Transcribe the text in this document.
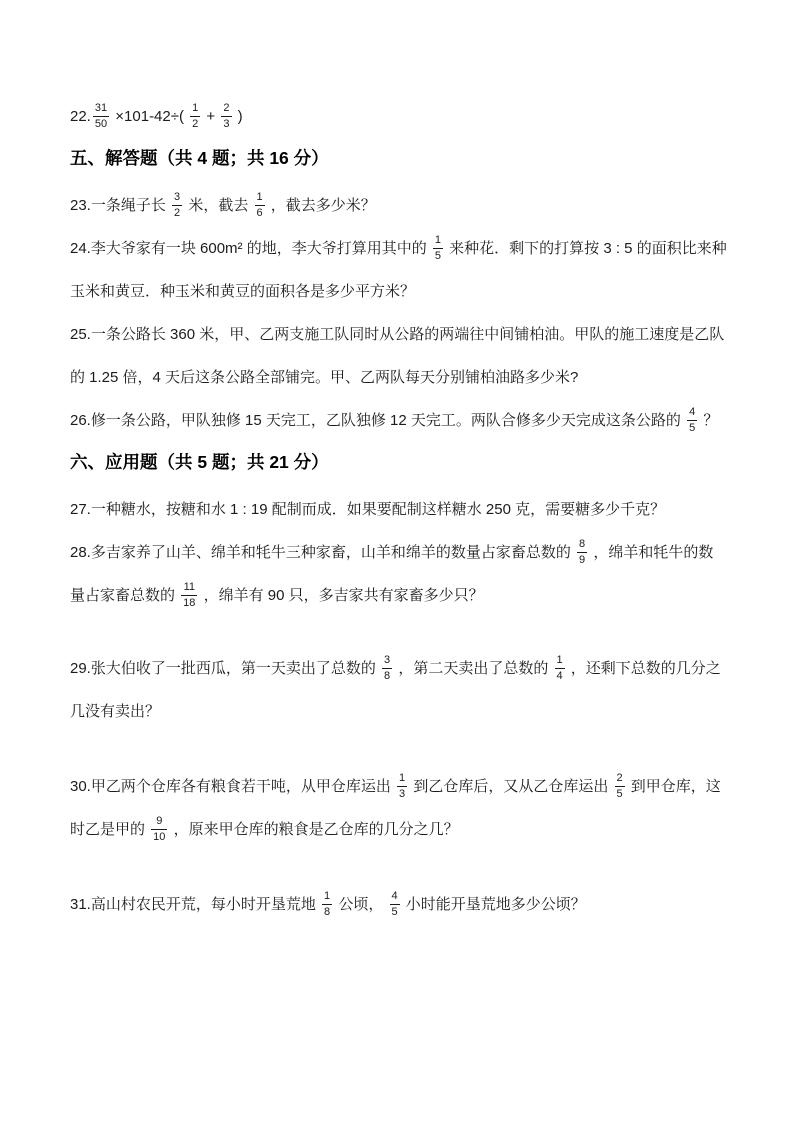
22. $\frac{31}{50} \times 101-42\div( \frac{1}{2} + \frac{2}{3}$ )

五、解答题（共 4 题；共 16 分）

23.一条绳子长 $\frac{3}{2}$ 米，截去 $\frac{1}{6}$ ，截去多少米？

24.李大爷家有一块 600m² 的地，李大爷打算用其中的 $\frac{1}{5}$ 来种花．剩下的打算按 3 : 5 的面积比来种玉米和黄豆．种玉米和黄豆的面积各是多少平方米？

25.一条公路长 360 米，甲、乙两支施工队同时从公路的两端往中间铺柏油。甲队的施工速度是乙队的 1.25 倍，4 天后这条公路全部铺完。甲、乙两队每天分别铺柏油路多少米?

26.修一条公路，甲队独修 15 天完工，乙队独修 12 天完工。两队合修多少天完成这条公路的 $\frac{4}{5}$ ？

六、应用题（共 5 题；共 21 分）

27.一种糖水，按糖和水 1 : 19 配制而成．如果要配制这样糖水 250 克，需要糖多少千克？

28.多吉家养了山羊、绵羊和牦牛三种家畜，山羊和绵羊的数量占家畜总数的 $\frac{8}{9}$ ，绵羊和牦牛的数量占家畜总数的 $\frac{11}{18}$ ，绵羊有 90 只，多吉家共有家畜多少只？

29.张大伯收了一批西瓜，第一天卖出了总数的 $\frac{3}{8}$ ，第二天卖出了总数的 $\frac{1}{4}$ ，还剩下总数的几分之几没有卖出？

30.甲乙两个仓库各有粮食若干吨，从甲仓库运出 $\frac{1}{3}$ 到乙仓库后，又从乙仓库运出 $\frac{2}{5}$ 到甲仓库，这时乙是甲的 $\frac{9}{10}$ ，原来甲仓库的粮食是乙仓库的几分之几？

31.高山村农民开荒，每小时开垦荒地 $\frac{1}{8}$ 公顷， $\frac{4}{5}$ 小时能开垦荒地多少公顷？
